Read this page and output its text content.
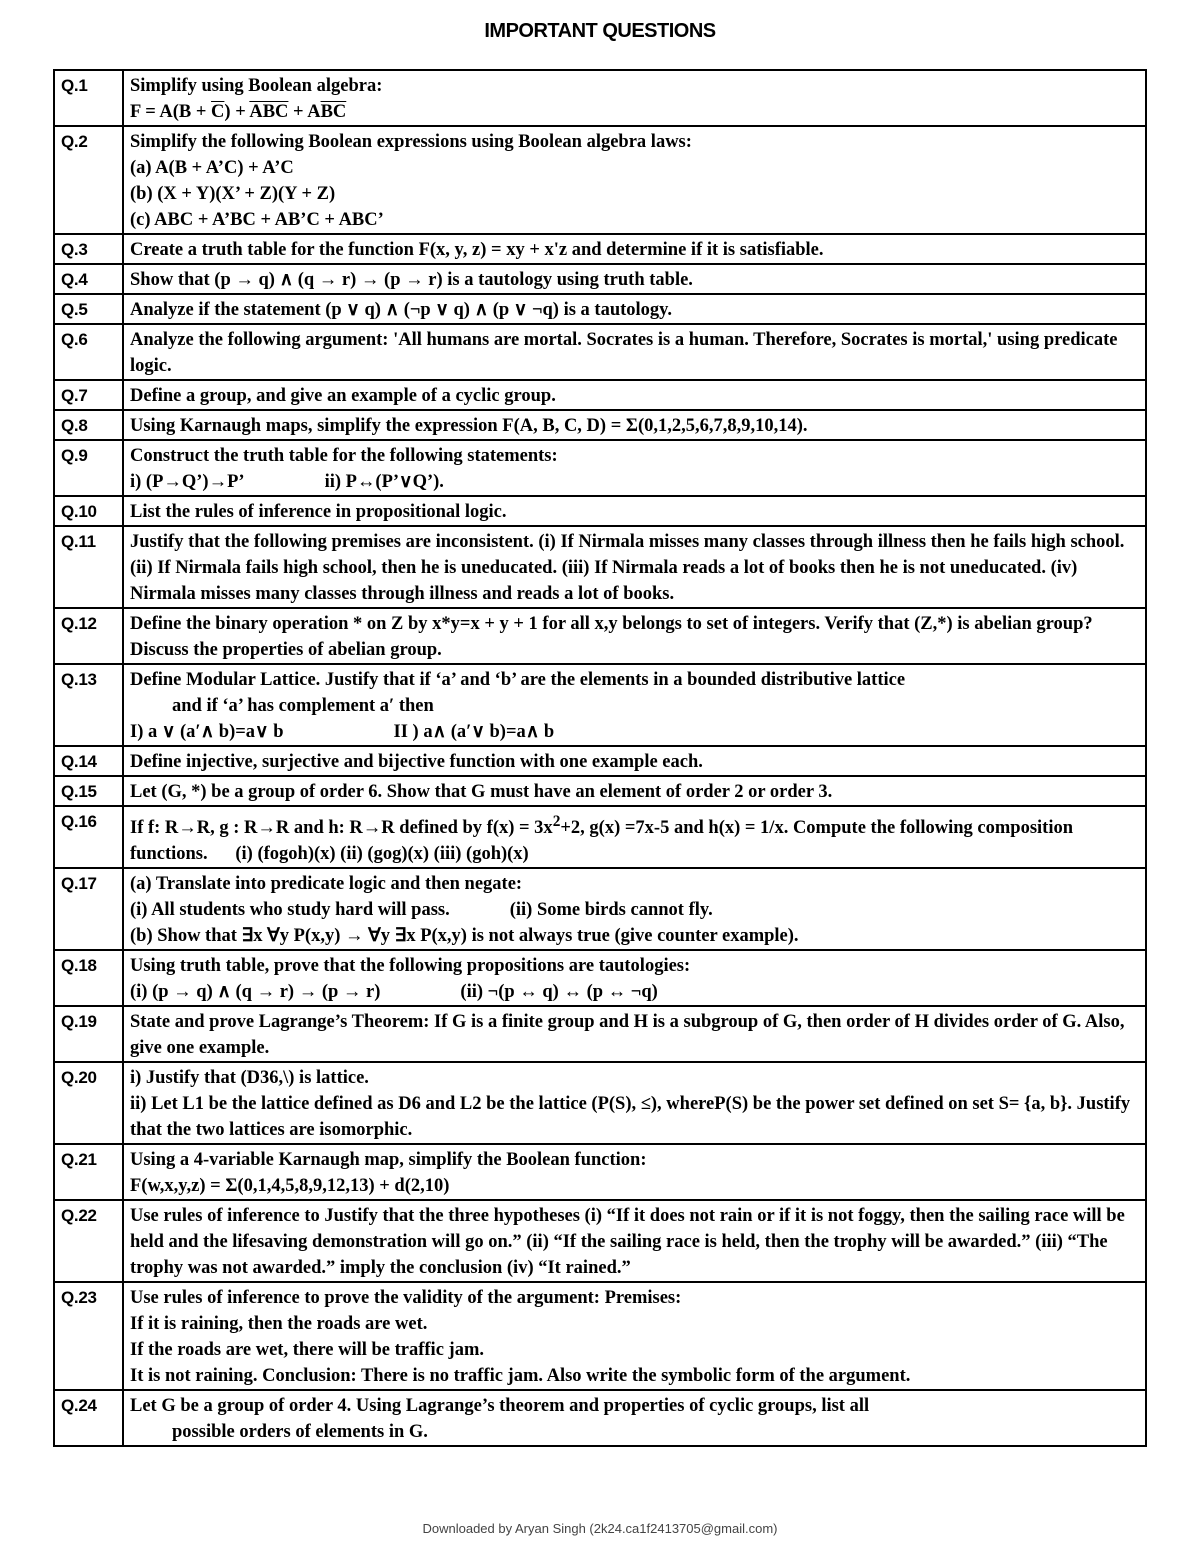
IMPORTANT QUESTIONS
Q.1	Simplify using Boolean algebra:
$F = A(B + \overline{C}) + \overline{ABC} + A\overline{BC}$

Q.2	Simplify the following Boolean expressions using Boolean algebra laws:
(a) A(B + A’C) + A’C
(b) (X + Y)(X’ + Z)(Y + Z)
(c) ABC + A’BC + AB’C + ABC’

Q.3	Create a truth table for the function F(x, y, z) = xy + x'z and determine if it is satisfiable.

Q.4	Show that (p → q) ∧ (q → r) → (p → r) is a tautology using truth table.

Q.5	Analyze if the statement (p ∨ q) ∧ (¬p ∨ q) ∧ (p ∨ ¬q) is a tautology.

Q.6	Analyze the following argument: 'All humans are mortal. Socrates is a human. Therefore, Socrates is mortal,' using predicate logic.

Q.7	Define a group, and give an example of a cyclic group.

Q.8	Using Karnaugh maps, simplify the expression F(A, B, C, D) = Σ(0,1,2,5,6,7,8,9,10,14).

Q.9	Construct the truth table for the following statements:
i) (P→Q’)→P’ ii) P↔(P’∨Q’).

Q.10	List the rules of inference in propositional logic.

Q.11	Justify that the following premises are inconsistent. (i) If Nirmala misses many classes through illness then he fails high school. (ii) If Nirmala fails high school, then he is uneducated. (iii) If Nirmala reads a lot of books then he is not uneducated. (iv) Nirmala misses many classes through illness and reads a lot of books.

Q.12	Define the binary operation * on Z by x*y=x + y + 1 for all x,y belongs to set of integers. Verify that (Z,*) is abelian group? Discuss the properties of abelian group.

Q.13	Define Modular Lattice. Justify that if ‘a’ and ‘b’ are the elements in a bounded distributive lattice
and if ‘a’ has complement a′ then
I) a ∨ (a′∧ b)=a∨ b II ) a∧ (a′∨ b)=a∧ b

Q.14	Define injective, surjective and bijective function with one example each.

Q.15	Let (G, *) be a group of order 6. Show that G must have an element of order 2 or order 3.

Q.16	If f: R→R, g : R→R and h: R→R defined by $f(x) = 3x^2+2$, g(x) =7x-5 and h(x) = 1/x. Compute the following composition functions. (i) (fogoh)(x) (ii) (gog)(x) (iii) (goh)(x)

Q.17	(a) Translate into predicate logic and then negate:
(i) All students who study hard will pass. (ii) Some birds cannot fly.
(b) Show that ∃x ∀y P(x,y) → ∀y ∃x P(x,y) is not always true (give counter example).

Q.18	Using truth table, prove that the following propositions are tautologies:
(i) (p → q) ∧ (q → r) → (p → r) (ii) ¬(p ↔ q) ↔ (p ↔ ¬q)

Q.19	State and prove Lagrange’s Theorem: If G is a finite group and H is a subgroup of G, then order of H divides order of G. Also, give one example.

Q.20	i) Justify that (D36,\) is lattice.
ii) Let L1 be the lattice defined as D6 and L2 be the lattice (P(S), ≤), whereP(S) be the power set defined on set S= {a, b}. Justify that the two lattices are isomorphic.

Q.21	Using a 4-variable Karnaugh map, simplify the Boolean function:
F(w,x,y,z) = Σ(0,1,4,5,8,9,12,13) + d(2,10)

Q.22	Use rules of inference to Justify that the three hypotheses (i) “If it does not rain or if it is not foggy, then the sailing race will be held and the lifesaving demonstration will go on.” (ii) “If the sailing race is held, then the trophy will be awarded.” (iii) “The trophy was not awarded.” imply the conclusion (iv) “It rained.”

Q.23	Use rules of inference to prove the validity of the argument: Premises:
If it is raining, then the roads are wet.
If the roads are wet, there will be traffic jam.
It is not raining. Conclusion: There is no traffic jam. Also write the symbolic form of the argument.

Q.24	Let G be a group of order 4. Using Lagrange’s theorem and properties of cyclic groups, list all
possible orders of elements in G.
Downloaded by Aryan Singh (2k24.ca1f2413705@gmail.com)
